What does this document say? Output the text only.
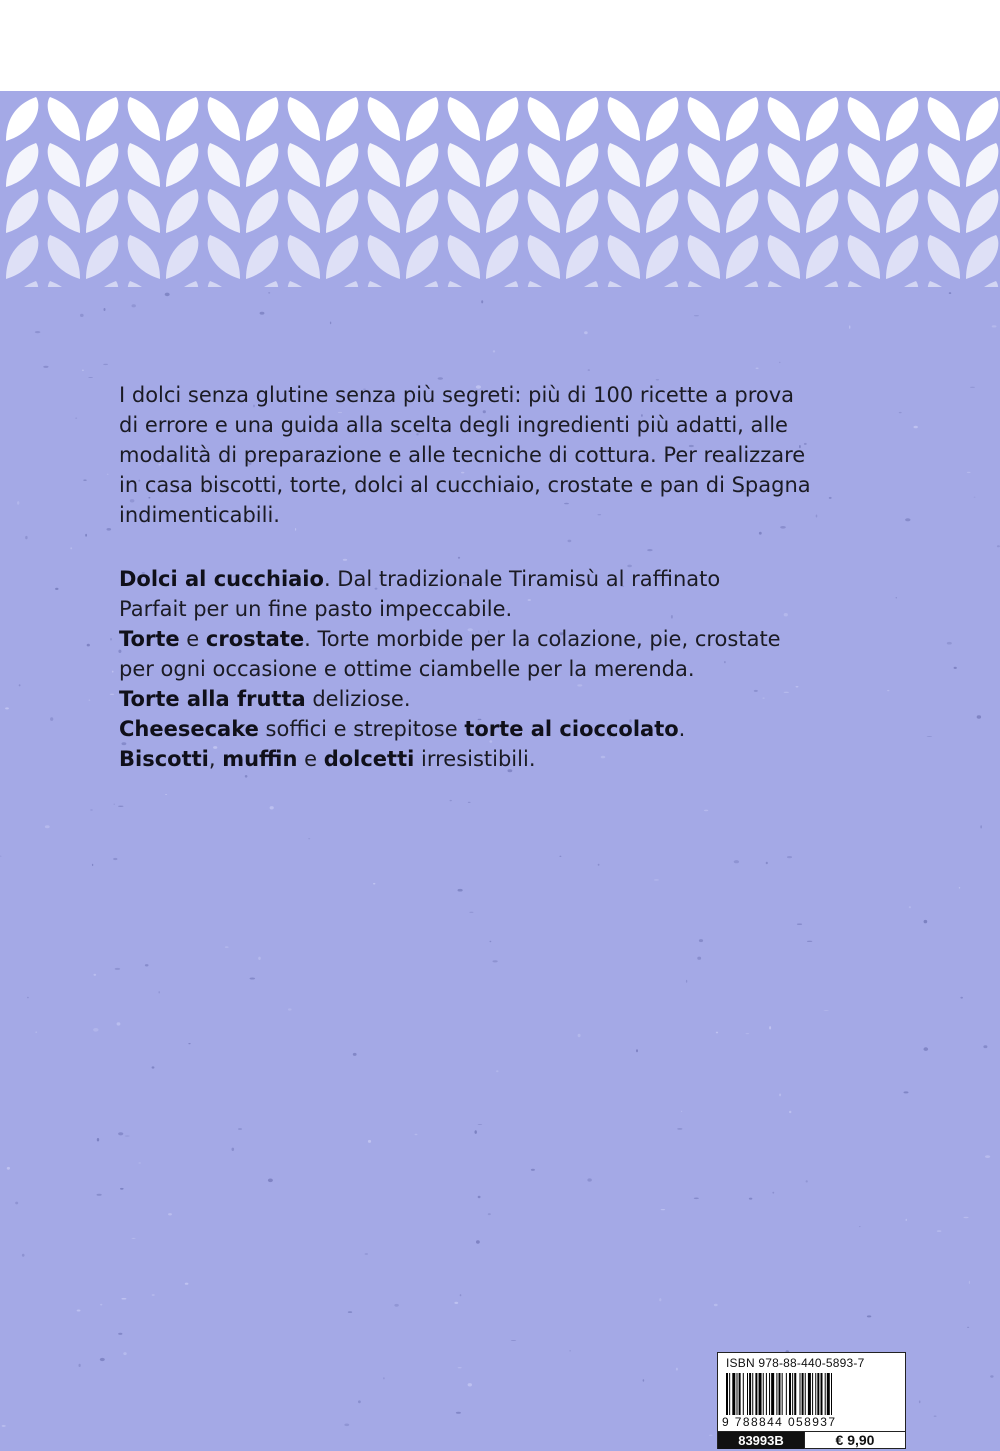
I dolci senza glutine senza più segreti: più di 100 ricette a prova
di errore e una guida alla scelta degli ingredienti più adatti, alle
modalità di preparazione e alle tecniche di cottura. Per realizzare
in casa biscotti, torte, dolci al cucchiaio, crostate e pan di Spagna
indimenticabili.

Dolci al cucchiaio. Dal tradizionale Tiramisù al raffinato

Parfait per un fine pasto impeccabile.

Torte e crostate. Torte morbide per la colazione, pie, crostate

per ogni occasione e ottime ciambelle per la merenda.

Torte alla frutta deliziose.

Cheesecake soffici e strepitose torte al cioccolato.

Biscotti, muffin e dolcetti irresistibili.

ISBN 978-88-440-5893-7
9 788844 058937
83993B	€ 9,90
